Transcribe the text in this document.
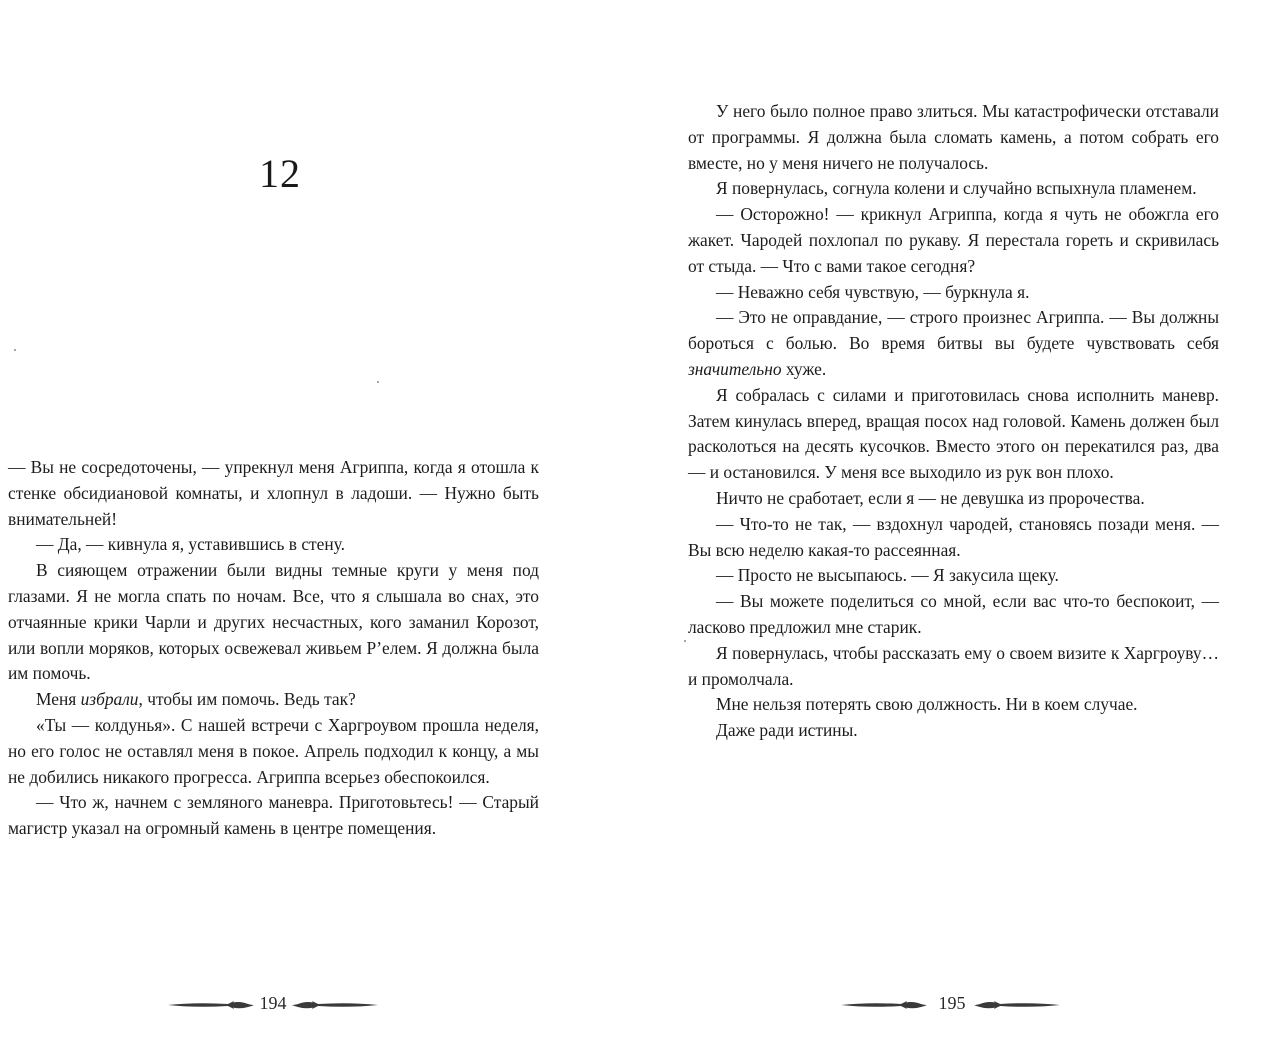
12

— Вы не сосредоточены, — упрекнул меня Агриппа, когда я отошла к стенке обсидиановой комнаты, и хлопнул в ладоши. — Нужно быть внимательней!

— Да, — кивнула я, уставившись в стену.

В сияющем отражении были видны темные круги у меня под глазами. Я не могла спать по ночам. Все, что я слышала во снах, это отчаянные крики Чарли и других несчастных, кого заманил Корозот, или вопли моряков, которых освежевал живьем Р’елем. Я должна была им помочь.

Меня избрали, чтобы им помочь. Ведь так?

«Ты — колдунья». С нашей встречи с Харгроувом прошла неделя, но его голос не оставлял меня в покое. Апрель подходил к концу, а мы не добились никакого прогресса. Агриппа всерьез обеспокоился.

— Что ж, начнем с земляного маневра. Приготовьтесь! — Старый магистр указал на огромный камень в центре помещения.

194

У него было полное право злиться. Мы катастрофически отставали от программы. Я должна была сломать камень, а потом собрать его вместе, но у меня ничего не получалось.

Я повернулась, согнула колени и случайно вспыхнула пламенем.

— Осторожно! — крикнул Агриппа, когда я чуть не обожгла его жакет. Чародей похлопал по рукаву. Я перестала гореть и скривилась от стыда. — Что с вами такое сегодня?

— Неважно себя чувствую, — буркнула я.

— Это не оправдание, — строго произнес Агриппа. — Вы должны бороться с болью. Во время битвы вы будете чувствовать себя значительно хуже.

Я собралась с силами и приготовилась снова исполнить маневр. Затем кинулась вперед, вращая посох над головой. Камень должен был расколоться на десять кусочков. Вместо этого он перекатился раз, два — и остановился. У меня все выходило из рук вон плохо.

Ничто не сработает, если я — не девушка из пророчества.

— Что-то не так, — вздохнул чародей, становясь позади меня. — Вы всю неделю какая-то рассеянная.

— Просто не высыпаюсь. — Я закусила щеку.

— Вы можете поделиться со мной, если вас что-то беспокоит, — ласково предложил мне старик.

Я повернулась, чтобы рассказать ему о своем визите к Харгроуву… и промолчала.

Мне нельзя потерять свою должность. Ни в коем случае.

Даже ради истины.

195
